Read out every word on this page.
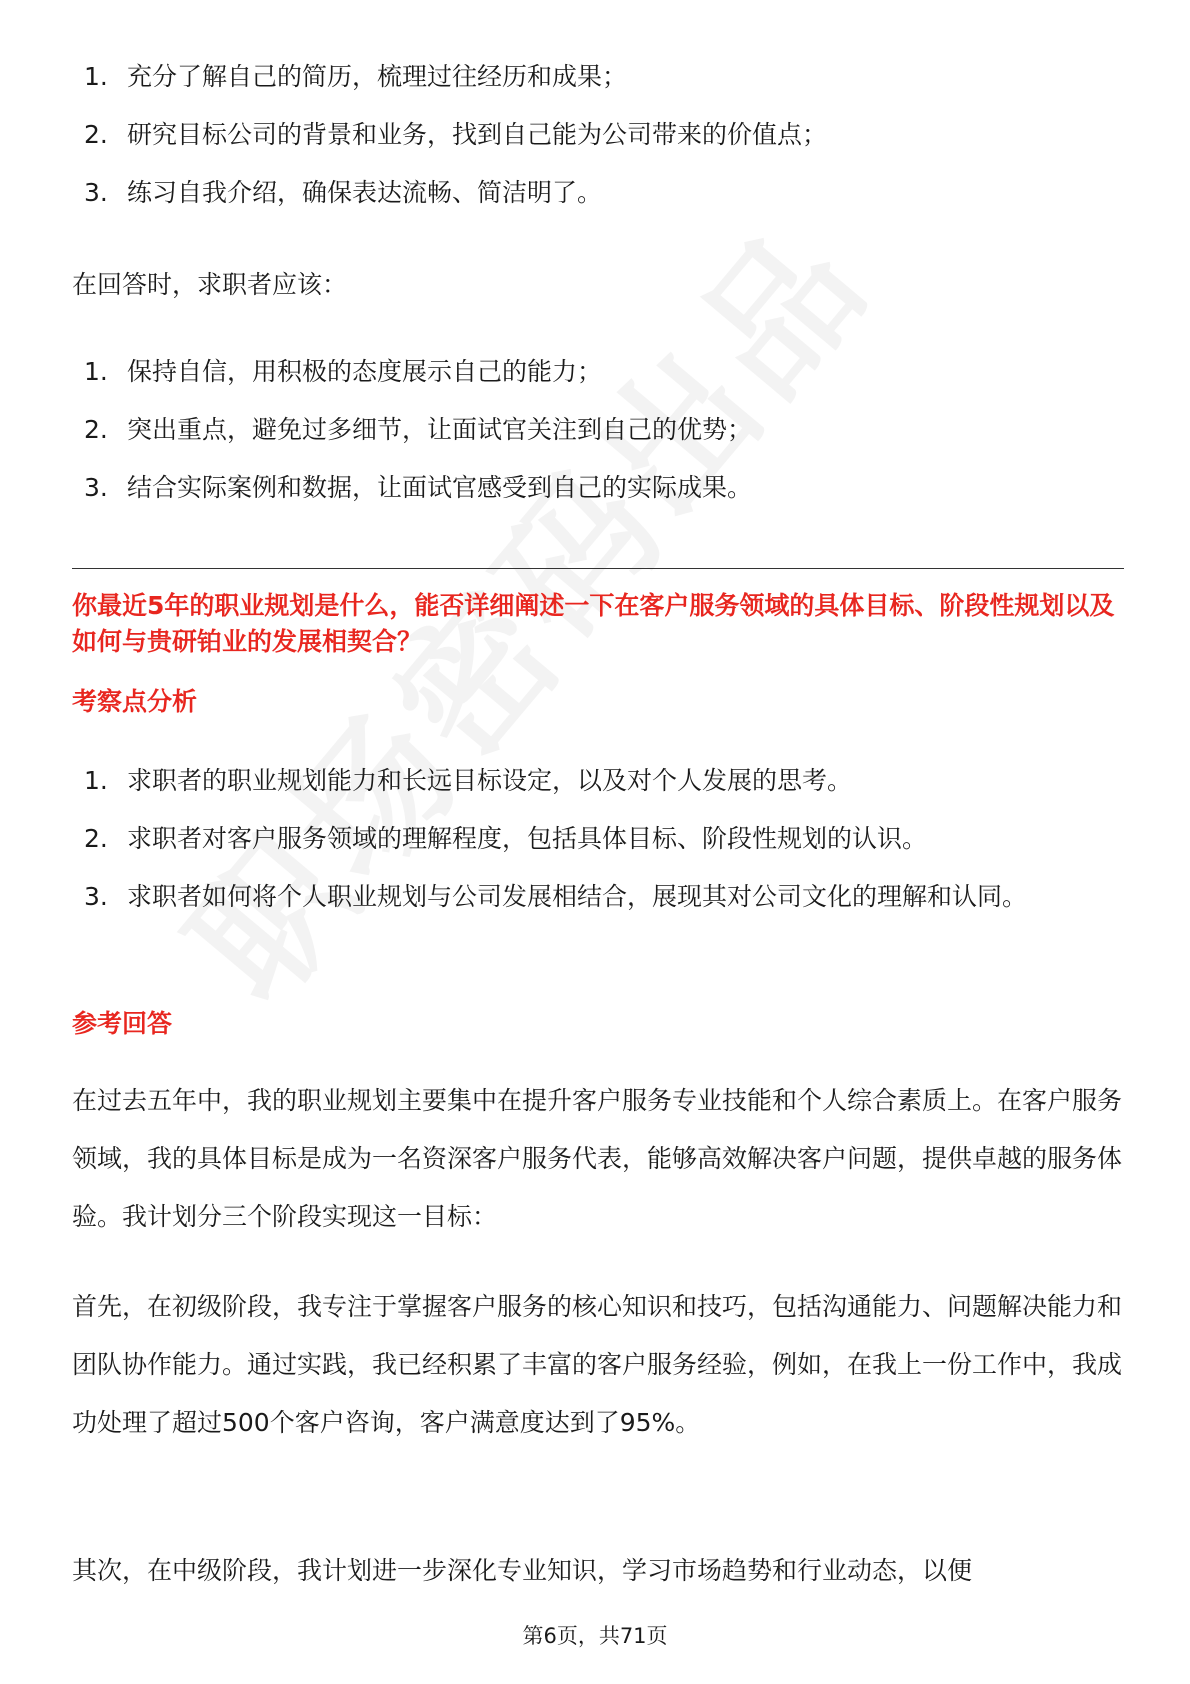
1. 充分了解自己的简历，梳理过往经历和成果；
2. 研究目标公司的背景和业务，找到自己能为公司带来的价值点；
3. 练习自我介绍，确保表达流畅、简洁明了。
在回答时，求职者应该：
1. 保持自信，用积极的态度展示自己的能力；
2. 突出重点，避免过多细节，让面试官关注到自己的优势；
3. 结合实际案例和数据，让面试官感受到自己的实际成果。
你最近5年的职业规划是什么，能否详细阐述一下在客户服务领域的具体目标、阶段性规划以及如何与贵研铂业的发展相契合？
考察点分析
1. 求职者的职业规划能力和长远目标设定，以及对个人发展的思考。
2. 求职者对客户服务领域的理解程度，包括具体目标、阶段性规划的认识。
3. 求职者如何将个人职业规划与公司发展相结合，展现其对公司文化的理解和认同。
参考回答
在过去五年中，我的职业规划主要集中在提升客户服务专业技能和个人综合素质上。在客户服务领域，我的具体目标是成为一名资深客户服务代表，能够高效解决客户问题，提供卓越的服务体验。我计划分三个阶段实现这一目标：
首先，在初级阶段，我专注于掌握客户服务的核心知识和技巧，包括沟通能力、问题解决能力和团队协作能力。通过实践，我已经积累了丰富的客户服务经验，例如，在我上一份工作中，我成功处理了超过500个客户咨询，客户满意度达到了95%。
其次，在中级阶段，我计划进一步深化专业知识，学习市场趋势和行业动态，以便
第6页，共71页
